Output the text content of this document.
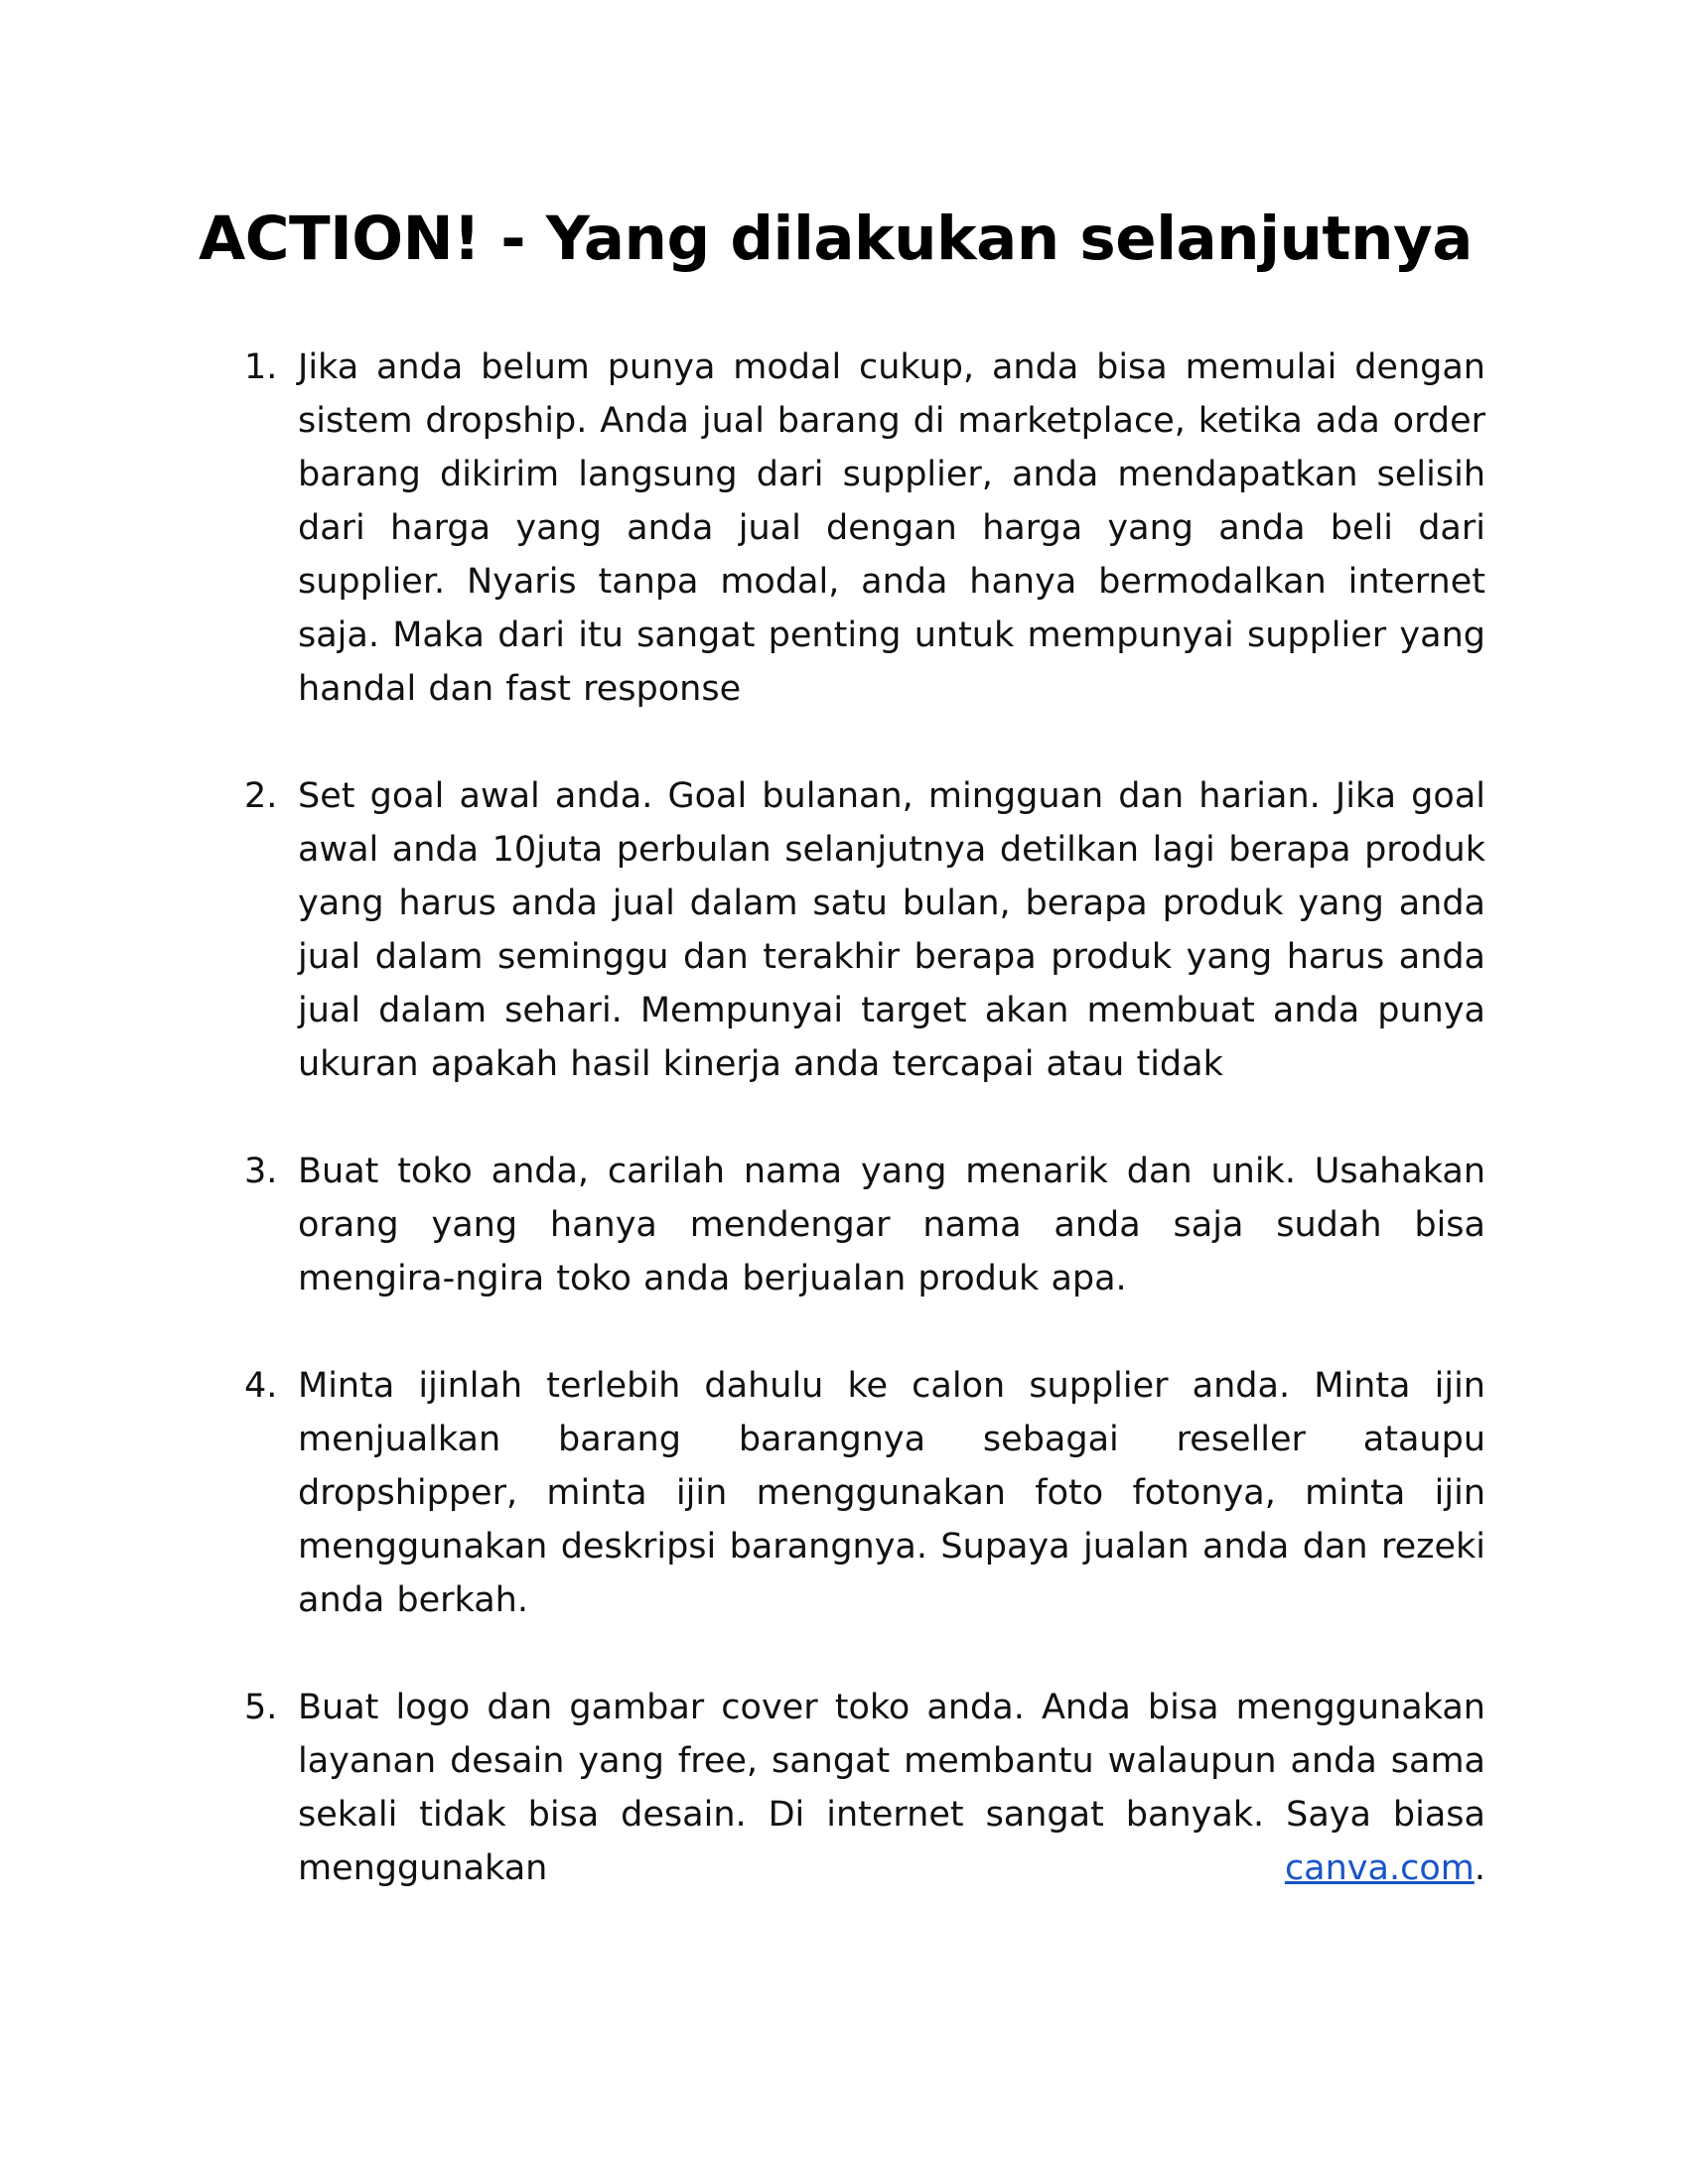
ACTION! - Yang dilakukan selanjutnya
1. Jika anda belum punya modal cukup, anda bisa memulai dengan sistem dropship. Anda jual barang di marketplace, ketika ada order barang dikirim langsung dari supplier, anda mendapatkan selisih dari harga yang anda jual dengan harga yang anda beli dari supplier. Nyaris tanpa modal, anda hanya bermodalkan internet saja. Maka dari itu sangat penting untuk mempunyai supplier yang handal dan fast response
2. Set goal awal anda. Goal bulanan, mingguan dan harian. Jika goal awal anda 10juta perbulan selanjutnya detilkan lagi berapa produk yang harus anda jual dalam satu bulan, berapa produk yang anda jual dalam seminggu dan terakhir berapa produk yang harus anda jual dalam sehari. Mempunyai target akan membuat anda punya ukuran apakah hasil kinerja anda tercapai atau tidak
3. Buat toko anda, carilah nama yang menarik dan unik. Usahakan orang yang hanya mendengar nama anda saja sudah bisa mengira-ngira toko anda berjualan produk apa.
4. Minta ijinlah terlebih dahulu ke calon supplier anda. Minta ijin menjualkan barang barangnya sebagai reseller ataupu dropshipper, minta ijin menggunakan foto fotonya, minta ijin menggunakan deskripsi barangnya. Supaya jualan anda dan rezeki anda berkah.
5. Buat logo dan gambar cover toko anda. Anda bisa menggunakan layanan desain yang free, sangat membantu walaupun anda sama sekali tidak bisa desain. Di internet sangat banyak. Saya biasa menggunakan canva.com.
